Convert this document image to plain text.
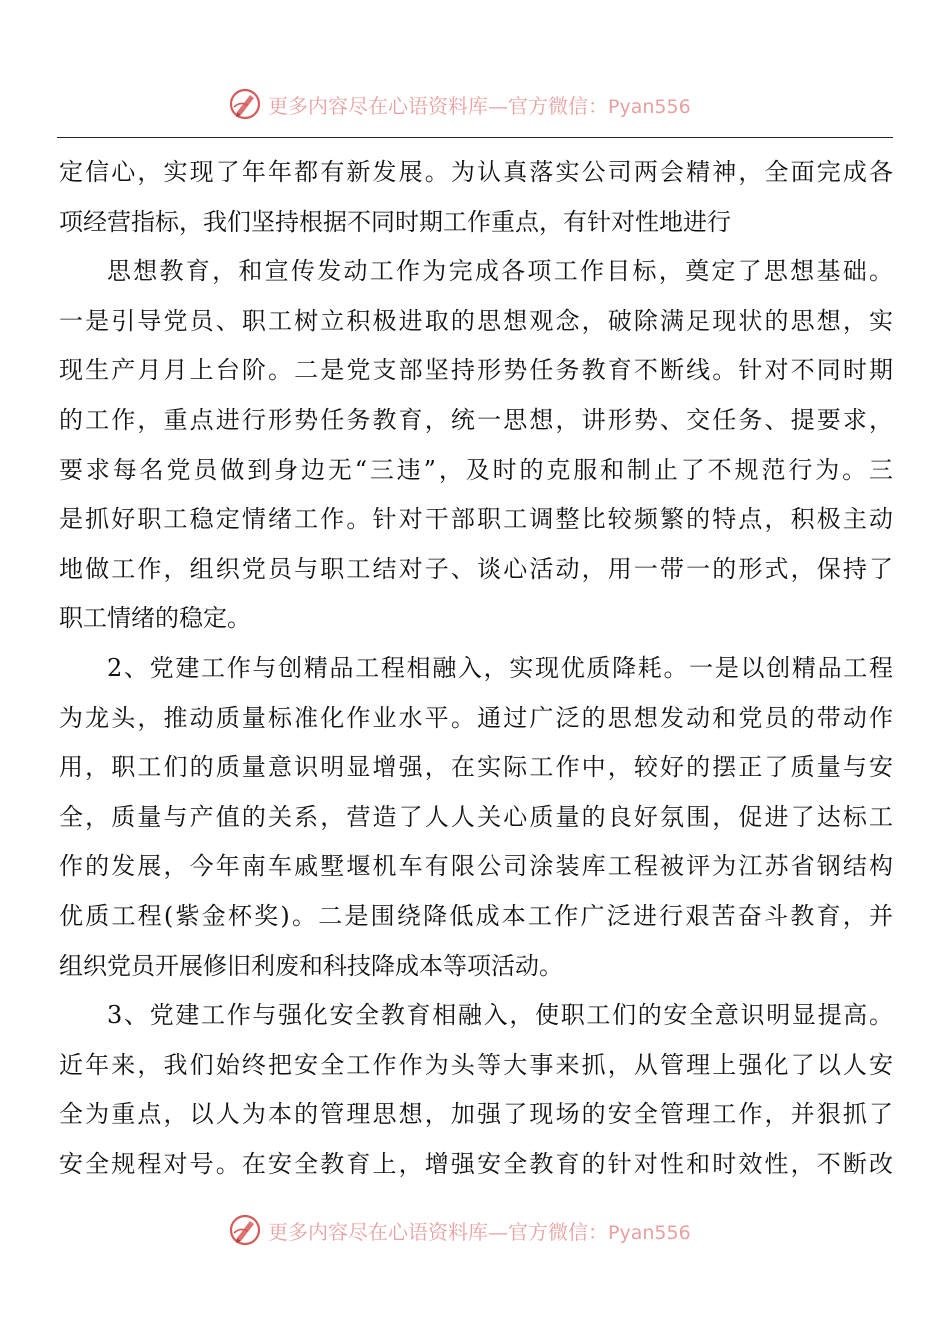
更多内容尽在心语资料库—官方微信：Pyan556
定信心，实现了年年都有新发展。为认真落实公司两会精神，全面完成各
项经营指标，我们坚持根据不同时期工作重点，有针对性地进行
思想教育，和宣传发动工作为完成各项工作目标，奠定了思想基础。
一是引导党员、职工树立积极进取的思想观念，破除满足现状的思想，实
现生产月月上台阶。二是党支部坚持形势任务教育不断线。针对不同时期
的工作，重点进行形势任务教育，统一思想，讲形势、交任务、提要求，
要求每名党员做到身边无“三违”，及时的克服和制止了不规范行为。三
是抓好职工稳定情绪工作。针对干部职工调整比较频繁的特点，积极主动
地做工作，组织党员与职工结对子、谈心活动，用一带一的形式，保持了
职工情绪的稳定。
2、党建工作与创精品工程相融入，实现优质降耗。一是以创精品工程
为龙头，推动质量标准化作业水平。通过广泛的思想发动和党员的带动作
用，职工们的质量意识明显增强，在实际工作中，较好的摆正了质量与安
全，质量与产值的关系，营造了人人关心质量的良好氛围，促进了达标工
作的发展，今年南车戚墅堰机车有限公司涂装库工程被评为江苏省钢结构
优质工程(紫金杯奖)。二是围绕降低成本工作广泛进行艰苦奋斗教育，并
组织党员开展修旧利废和科技降成本等项活动。
3、党建工作与强化安全教育相融入，使职工们的安全意识明显提高。
近年来，我们始终把安全工作作为头等大事来抓，从管理上强化了以人安
全为重点，以人为本的管理思想，加强了现场的安全管理工作，并狠抓了
安全规程对号。在安全教育上，增强安全教育的针对性和时效性，不断改
更多内容尽在心语资料库—官方微信：Pyan556
